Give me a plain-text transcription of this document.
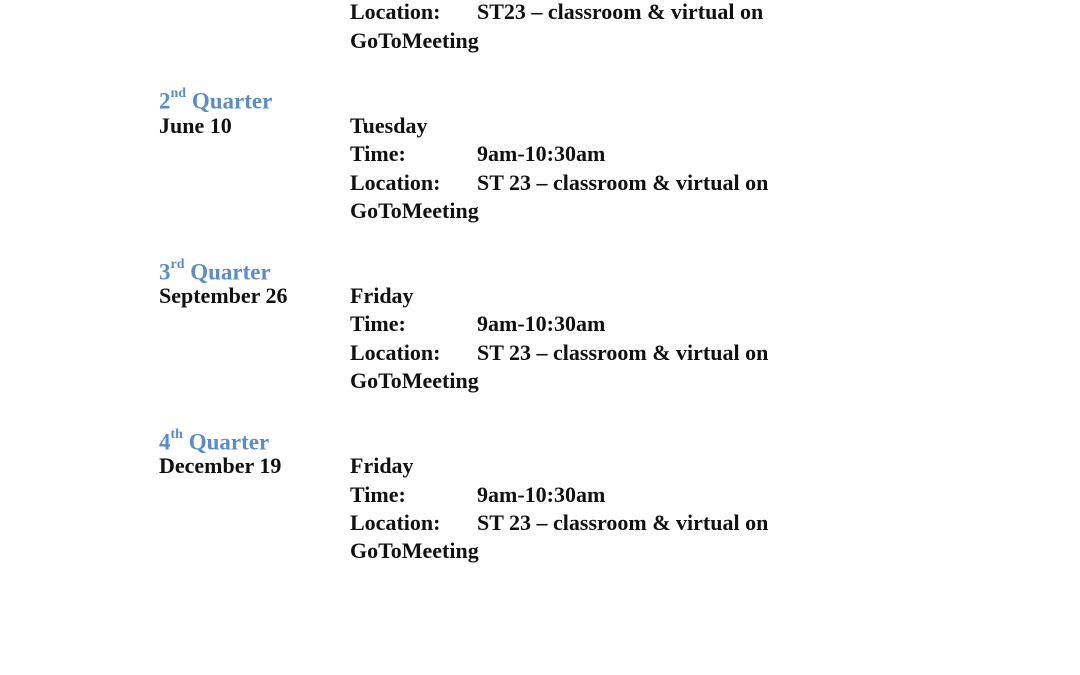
Location: ST23 – classroom & virtual on
GoToMeeting
2nd Quarter
June 10	Tuesday
Time:	9am-10:30am
Location: ST 23 – classroom & virtual on
GoToMeeting
3rd Quarter
September 26	Friday
Time:	9am-10:30am
Location: ST 23 – classroom & virtual on
GoToMeeting
4th Quarter
December 19	Friday
Time:	9am-10:30am
Location: ST 23 – classroom & virtual on
GoToMeeting
